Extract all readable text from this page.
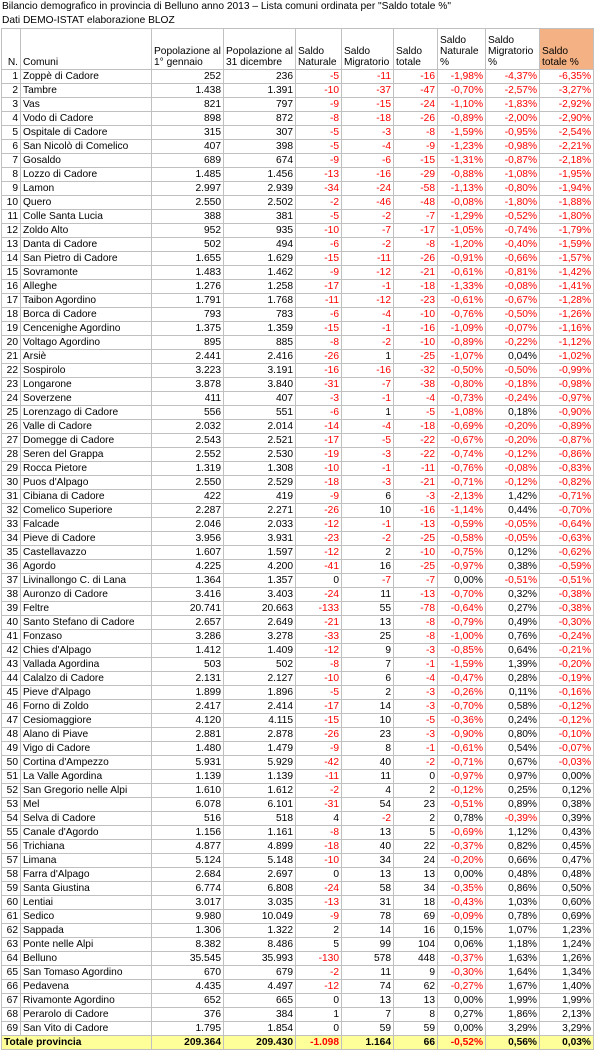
Bilancio demografico in provincia di Belluno anno 2013 – Lista comuni ordinata per "Saldo totale %"
Dati DEMO-ISTAT elaborazione BLOZ
N.	Comuni	Popolazione al 1° gennaio	Popolazione al 31 dicembre	Saldo Naturale	Saldo Migratorio	Saldo totale	Saldo Naturale %	Saldo Migratorio %	Saldo totale %
1	Zoppè di Cadore	252	236	-5	-11	-16	-1,98%	-4,37%	-6,35%
2	Tambre	1.438	1.391	-10	-37	-47	-0,70%	-2,57%	-3,27%
3	Vas	821	797	-9	-15	-24	-1,10%	-1,83%	-2,92%
4	Vodo di Cadore	898	872	-8	-18	-26	-0,89%	-2,00%	-2,90%
5	Ospitale di Cadore	315	307	-5	-3	-8	-1,59%	-0,95%	-2,54%
6	San Nicolò di Comelico	407	398	-5	-4	-9	-1,23%	-0,98%	-2,21%
7	Gosaldo	689	674	-9	-6	-15	-1,31%	-0,87%	-2,18%
8	Lozzo di Cadore	1.485	1.456	-13	-16	-29	-0,88%	-1,08%	-1,95%
9	Lamon	2.997	2.939	-34	-24	-58	-1,13%	-0,80%	-1,94%
10	Quero	2.550	2.502	-2	-46	-48	-0,08%	-1,80%	-1,88%
11	Colle Santa Lucia	388	381	-5	-2	-7	-1,29%	-0,52%	-1,80%
12	Zoldo Alto	952	935	-10	-7	-17	-1,05%	-0,74%	-1,79%
13	Danta di Cadore	502	494	-6	-2	-8	-1,20%	-0,40%	-1,59%
14	San Pietro di Cadore	1.655	1.629	-15	-11	-26	-0,91%	-0,66%	-1,57%
15	Sovramonte	1.483	1.462	-9	-12	-21	-0,61%	-0,81%	-1,42%
16	Alleghe	1.276	1.258	-17	-1	-18	-1,33%	-0,08%	-1,41%
17	Taibon Agordino	1.791	1.768	-11	-12	-23	-0,61%	-0,67%	-1,28%
18	Borca di Cadore	793	783	-6	-4	-10	-0,76%	-0,50%	-1,26%
19	Cencenighe Agordino	1.375	1.359	-15	-1	-16	-1,09%	-0,07%	-1,16%
20	Voltago Agordino	895	885	-8	-2	-10	-0,89%	-0,22%	-1,12%
21	Arsiè	2.441	2.416	-26	1	-25	-1,07%	0,04%	-1,02%
22	Sospirolo	3.223	3.191	-16	-16	-32	-0,50%	-0,50%	-0,99%
23	Longarone	3.878	3.840	-31	-7	-38	-0,80%	-0,18%	-0,98%
24	Soverzene	411	407	-3	-1	-4	-0,73%	-0,24%	-0,97%
25	Lorenzago di Cadore	556	551	-6	1	-5	-1,08%	0,18%	-0,90%
26	Valle di Cadore	2.032	2.014	-14	-4	-18	-0,69%	-0,20%	-0,89%
27	Domegge di Cadore	2.543	2.521	-17	-5	-22	-0,67%	-0,20%	-0,87%
28	Seren del Grappa	2.552	2.530	-19	-3	-22	-0,74%	-0,12%	-0,86%
29	Rocca Pietore	1.319	1.308	-10	-1	-11	-0,76%	-0,08%	-0,83%
30	Puos d'Alpago	2.550	2.529	-18	-3	-21	-0,71%	-0,12%	-0,82%
31	Cibiana di Cadore	422	419	-9	6	-3	-2,13%	1,42%	-0,71%
32	Comelico Superiore	2.287	2.271	-26	10	-16	-1,14%	0,44%	-0,70%
33	Falcade	2.046	2.033	-12	-1	-13	-0,59%	-0,05%	-0,64%
34	Pieve di Cadore	3.956	3.931	-23	-2	-25	-0,58%	-0,05%	-0,63%
35	Castellavazzo	1.607	1.597	-12	2	-10	-0,75%	0,12%	-0,62%
36	Agordo	4.225	4.200	-41	16	-25	-0,97%	0,38%	-0,59%
37	Livinallongo C. di Lana	1.364	1.357	0	-7	-7	0,00%	-0,51%	-0,51%
38	Auronzo di Cadore	3.416	3.403	-24	11	-13	-0,70%	0,32%	-0,38%
39	Feltre	20.741	20.663	-133	55	-78	-0,64%	0,27%	-0,38%
40	Santo Stefano di Cadore	2.657	2.649	-21	13	-8	-0,79%	0,49%	-0,30%
41	Fonzaso	3.286	3.278	-33	25	-8	-1,00%	0,76%	-0,24%
42	Chies d'Alpago	1.412	1.409	-12	9	-3	-0,85%	0,64%	-0,21%
43	Vallada Agordina	503	502	-8	7	-1	-1,59%	1,39%	-0,20%
44	Calalzo di Cadore	2.131	2.127	-10	6	-4	-0,47%	0,28%	-0,19%
45	Pieve d'Alpago	1.899	1.896	-5	2	-3	-0,26%	0,11%	-0,16%
46	Forno di Zoldo	2.417	2.414	-17	14	-3	-0,70%	0,58%	-0,12%
47	Cesiomaggiore	4.120	4.115	-15	10	-5	-0,36%	0,24%	-0,12%
48	Alano di Piave	2.881	2.878	-26	23	-3	-0,90%	0,80%	-0,10%
49	Vigo di Cadore	1.480	1.479	-9	8	-1	-0,61%	0,54%	-0,07%
50	Cortina d'Ampezzo	5.931	5.929	-42	40	-2	-0,71%	0,67%	-0,03%
51	La Valle Agordina	1.139	1.139	-11	11	0	-0,97%	0,97%	0,00%
52	San Gregorio nelle Alpi	1.610	1.612	-2	4	2	-0,12%	0,25%	0,12%
53	Mel	6.078	6.101	-31	54	23	-0,51%	0,89%	0,38%
54	Selva di Cadore	516	518	4	-2	2	0,78%	-0,39%	0,39%
55	Canale d'Agordo	1.156	1.161	-8	13	5	-0,69%	1,12%	0,43%
56	Trichiana	4.877	4.899	-18	40	22	-0,37%	0,82%	0,45%
57	Limana	5.124	5.148	-10	34	24	-0,20%	0,66%	0,47%
58	Farra d'Alpago	2.684	2.697	0	13	13	0,00%	0,48%	0,48%
59	Santa Giustina	6.774	6.808	-24	58	34	-0,35%	0,86%	0,50%
60	Lentiai	3.017	3.035	-13	31	18	-0,43%	1,03%	0,60%
61	Sedico	9.980	10.049	-9	78	69	-0,09%	0,78%	0,69%
62	Sappada	1.306	1.322	2	14	16	0,15%	1,07%	1,23%
63	Ponte nelle Alpi	8.382	8.486	5	99	104	0,06%	1,18%	1,24%
64	Belluno	35.545	35.993	-130	578	448	-0,37%	1,63%	1,26%
65	San Tomaso Agordino	670	679	-2	11	9	-0,30%	1,64%	1,34%
66	Pedavena	4.435	4.497	-12	74	62	-0,27%	1,67%	1,40%
67	Rivamonte Agordino	652	665	0	13	13	0,00%	1,99%	1,99%
68	Perarolo di Cadore	376	384	1	7	8	0,27%	1,86%	2,13%
69	San Vito di Cadore	1.795	1.854	0	59	59	0,00%	3,29%	3,29%
Totale provincia		209.364	209.430	-1.098	1.164	66	-0,52%	0,56%	0,03%
